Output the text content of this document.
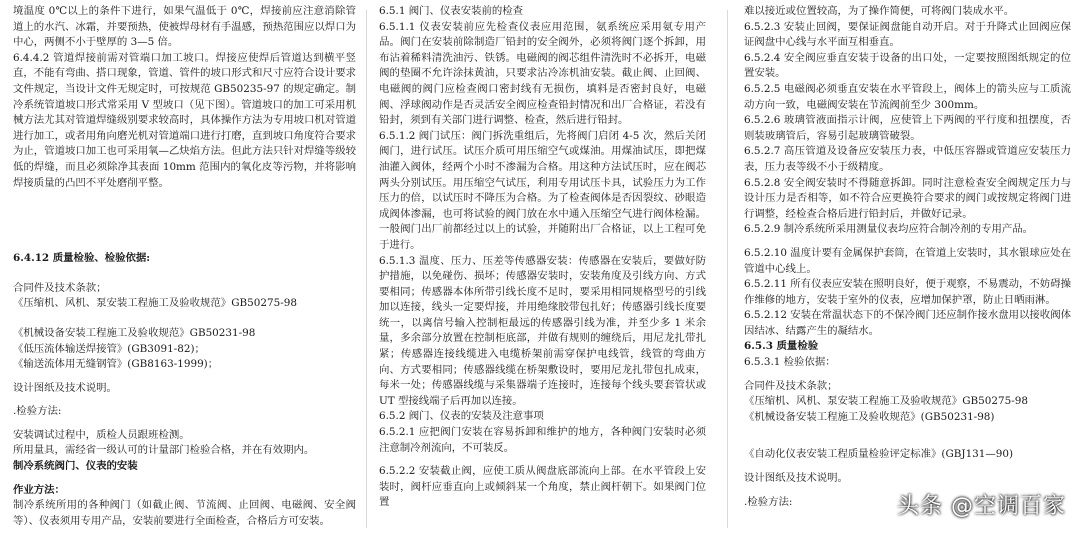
境温度 0℃以上的条件下进行，如果气温低于 0℃，焊接前应注意消除管道上的水汽、冰霜，并要预热，使被焊母材有手温感，预热范围应以焊口为中心，两侧不小于壁厚的 3—5 倍。

6.4.4.2 管道焊接前需对管端口加工坡口。焊接应使焊后管道达到横平竖直，不能有弯曲、搭口现象，管道、管件的坡口形式和尺寸应符合设计要求文件规定，当设计文件无规定时，可按规范 GB50235-97 的规定确定。制冷系统管道坡口形式常采用 V 型坡口（见下图）。管道坡口的加工可采用机械方法尤其对管道焊缝级别要求较高时，具体操作方法为专用坡口机对管道进行加工，或者用角向磨光机对管道端口进行打磨，直到坡口角度符合要求为止，管道坡口加工也可采用氧—乙炔焰方法。但此方法只针对焊缝等级较低的焊缝，而且必须除净其表面 10mm 范围内的氧化皮等污物，并将影响焊接质量的凸凹不平处磨削平整。

6.4.12 质量检验、检验依据:

合同件及技术条款；

《压缩机、风机、泵安装工程施工及验收规范》GB50275-98

《机械设备安装工程施工及验收规范》GB50231-98

《低压流体输送焊接管》(GB3091-82)；

《输送流体用无缝钢管》(GB8163-1999)；

设计图纸及技术说明。

.检验方法:

安装调试过程中，质检人员跟班检测。

所用量具，需经省一级认可的计量部门检验合格，并在有效期内。

制冷系统阀门、仪表的安装

作业方法：

制冷系统所用的各种阀门（如截止阀、节流阀、止回阀、电磁阀、安全阀等）、仪表须用专用产品，安装前要进行全面检查，合格后方可安装。

6.5.1 阀门、仪表安装前的检查

6.5.1.1 仪表安装前应先检查仪表应用范围，氨系统应采用氨专用产品。阀门在安装前除制造厂铅封的安全阀外，必须将阀门逐个拆卸，用布沾着稀料清洗油污、铁锈。电磁阀的阀芯组件清洗时不必拆开，电磁阀的垫圈不允许涂抹黄油，只要求沾冷冻机油安装。截止阀、止回阀、电磁阀的阀门应检查阀口密封线有无损伤，填料是否密封良好，电磁阀、浮球阀动作是否灵活安全阀应检查铅封情况和出厂合格证，若没有铅封，须到有关部门进行调整、检查，然后进行铅封。

6.5.1.2 阀门试压：阀门拆洗重组后，先将阀门启闭 4-5 次，然后关闭阀门，进行试压。试压介质可用压缩空气或煤油。用煤油试压，即把煤油灌入阀体，经两个小时不渗漏为合格。用这种方法试压时，应在阀芯两头分别试压。用压缩空气试压，利用专用试压卡具，试验压力为工作压力的倍，以试压时不降压为合格。为了检查阀体是否因裂纹、砂眼造成阀体渗漏，也可将试验的阀门放在水中通入压缩空气进行阀体检漏。一般阀门出厂前都经过以上的试验，并随附出厂合格证，以上工程可免于进行。

6.5.1.3 温度、压力、压差等传感器安装：传感器在安装后，要做好防护措施，以免碰伤、损坏；传感器安装时，安装角度及引线方向、方式要相同；传感器本体所带引线长度不足时，要采用相同规格型号的引线加以连接，线头一定要焊接，并用绝缘胶带包扎好；传感器引线长度要统一，以离信号输入控制柜最远的传感器引线为准，并至少多 1 米余量，多余部分放置在控制柜底部，并做有规则的缠绕后，用尼龙扎带扎紧；传感器连接线缆进入电缆桥架前需穿保护电线管，线管的弯曲方向、方式要相同；传感器线缆在桥架敷设时，要用尼龙扎带包扎成束，每米一处；传感器线缆与采集器端子连接时，连接每个线头要套管状或 UT 型接线端子后再加以连接。

6.5.2 阀门、仪表的安装及注意事项

6.5.2.1 应把阀门安装在容易拆卸和维护的地方，各种阀门安装时必须注意制冷剂流向，不可装反。

6.5.2.2 安装截止阀，应使工质从阀盘底部流向上部。在水平管段上安装时，阀杆应垂直向上或倾斜某一个角度，禁止阀杆朝下。如果阀门位置

难以接近或位置较高，为了操作简便，可将阀门装成水平。

6.5.2.3 安装止回阀，要保证阀盘能自动开启。对于升降式止回阀应保证阀盘中心线与水平面互相垂直。

6.5.2.4 安全阀应垂直安装于设备的出口处，一定要按照图纸规定的位置安装。

6.5.2.5 电磁阀必须垂直安装在水平管段上，阀体上的箭头应与工质流动方向一致，电磁阀安装在节流阀前至少 300mm。

6.5.2.6 玻璃管液面指示计阀，应使管上下两阀的平行度和扭摆度，否则装玻璃管后，容易引起玻璃管破裂。

6.5.2.7 高压管道及设备应安装压力表，中低压容器或管道应安装压力表，压力表等级不小于级精度。

6.5.2.8 安全阀安装时不得随意拆卸。同时注意检查安全阀规定压力与设计压力是否相等，如不符合应更换符合要求的阀门或按规定将阀门进行调整，经检查合格后进行铅封后，并做好记录。

6.5.2.9 制冷系统所采用测量仪表均应符合制冷剂的专用产品。

6.5.2.10 温度计要有金属保护套筒，在管道上安装时，其水银球应处在管道中心线上。

6.5.2.11 所有仪表应安装在照明良好，便于观察，不易震动，不妨碍操作维修的地方，安装于室外的仪表，应增加保护罩，防止日晒雨淋。

6.5.2.12 安装在常温状态下的不保冷阀门还应制作接水盘用以接收阀体因结冰、结露产生的凝结水。

6.5.3 质量检验

6.5.3.1 检验依据：

合同件及技术条款；

《压缩机、风机、泵安装工程施工及验收规范》GB50275-98

《机械设备安装工程施工及验收规范》(GB50231-98)

《自动化仪表安装工程质量检验评定标准》(GBJ131—90)

设计图纸及技术说明。

.检验方法:	头条 @空调百家
